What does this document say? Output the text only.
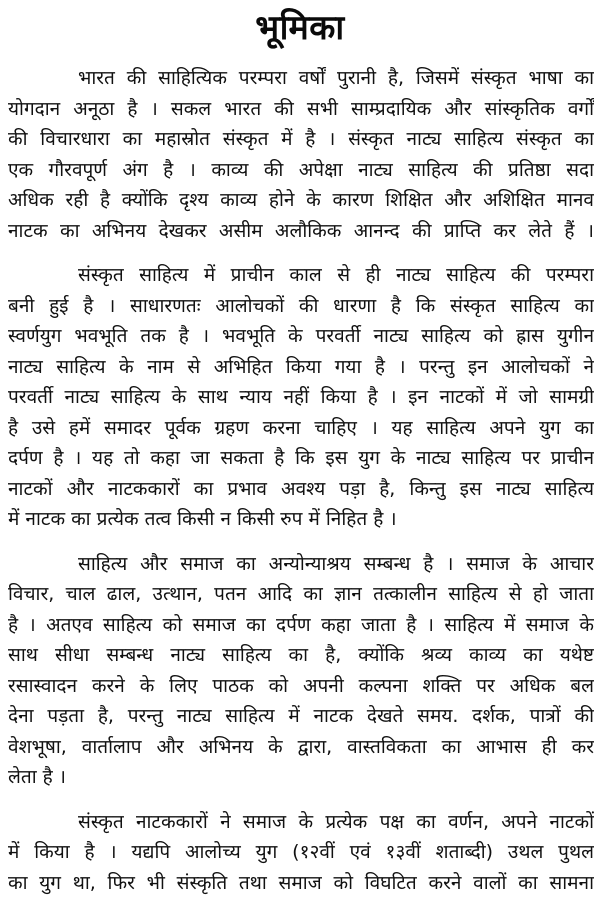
भूमिका

भारत की साहित्यिक परम्परा वर्षों पुरानी है, जिसमें संस्कृत भाषा का
योगदान अनूठा है । सकल भारत की सभी साम्प्रदायिक और सांस्कृतिक वर्गों
की विचारधारा का महास्रोत संस्कृत में है । संस्कृत नाट्य साहित्य संस्कृत का
एक गौरवपूर्ण अंग है । काव्य की अपेक्षा नाट्य साहित्य की प्रतिष्ठा सदा
अधिक रही है क्योंकि दृश्य काव्य होने के कारण शिक्षित और अशिक्षित मानव
नाटक का अभिनय देखकर असीम अलौकिक आनन्द की प्राप्ति कर लेते हैं ।

संस्कृत साहित्य में प्राचीन काल से ही नाट्य साहित्य की परम्परा
बनी हुई है । साधारणतः आलोचकों की धारणा है कि संस्कृत साहित्य का
स्वर्णयुग भवभूति तक है । भवभूति के परवर्ती नाट्य साहित्य को ह्रास युगीन
नाट्य साहित्य के नाम से अभिहित किया गया है । परन्तु इन आलोचकों ने
परवर्ती नाट्य साहित्य के साथ न्याय नहीं किया है । इन नाटकों में जो सामग्री
है उसे हमें समादर पूर्वक ग्रहण करना चाहिए । यह साहित्य अपने युग का
दर्पण है । यह तो कहा जा सकता है कि इस युग के नाट्य साहित्य पर प्राचीन
नाटकों और नाटककारों का प्रभाव अवश्य पड़ा है, किन्तु इस नाट्य साहित्य
में नाटक का प्रत्येक तत्व किसी न किसी रुप में निहित है ।

साहित्य और समाज का अन्योन्याश्रय सम्बन्ध है । समाज के आचार
विचार, चाल ढाल, उत्थान, पतन आदि का ज्ञान तत्कालीन साहित्य से हो जाता
है । अतएव साहित्य को समाज का दर्पण कहा जाता है । साहित्य में समाज के
साथ सीधा सम्बन्ध नाट्य साहित्य का है, क्योंकि श्रव्य काव्य का यथेष्ट
रसास्वादन करने के लिए पाठक को अपनी कल्पना शक्ति पर अधिक बल
देना पड़ता है, परन्तु नाट्य साहित्य में नाटक देखते समय. दर्शक, पात्रों की
वेशभूषा, वार्तालाप और अभिनय के द्वारा, वास्तविकता का आभास ही कर
लेता है ।

संस्कृत नाटककारों ने समाज के प्रत्येक पक्ष का वर्णन, अपने नाटकों
में किया है । यद्यपि आलोच्य युग (१२वीं एवं १३वीं शताब्दी) उथल पुथल
का युग था, फिर भी संस्कृति तथा समाज को विघटित करने वालों का सामना
